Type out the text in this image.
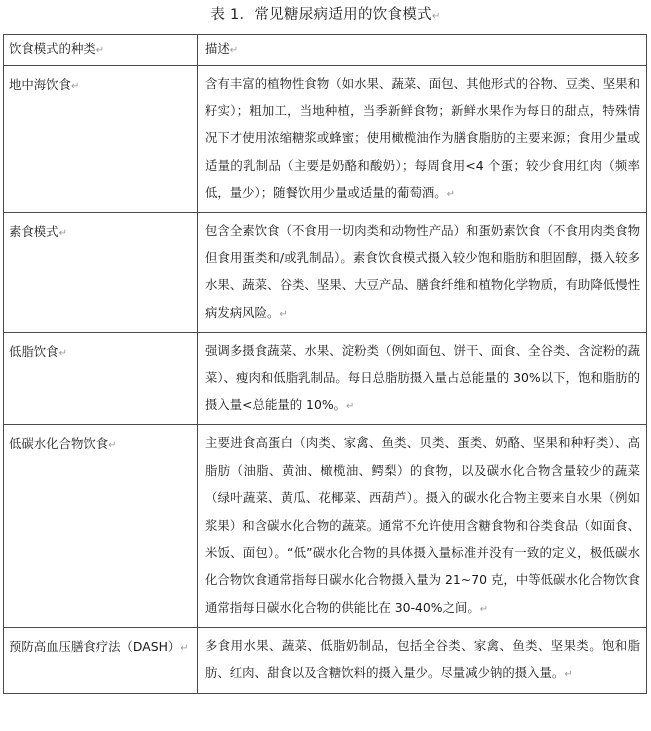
表 1．常见糖尿病适用的饮食模式↵
饮食模式的种类↵	描述↵

地中海饮食↵	含有丰富的植物性食物（如水果、蔬菜、面包、其他形式的谷物、豆类、坚果和籽实）；粗加工，当地种植，当季新鲜食物；新鲜水果作为每日的甜点，特殊情况下才使用浓缩糖浆或蜂蜜；使用橄榄油作为膳食脂肪的主要来源；食用少量或适量的乳制品（主要是奶酪和酸奶）；每周食用<4 个蛋；较少食用红肉（频率低，量少）；随餐饮用少量或适量的葡萄酒。↵

素食模式↵	包含全素饮食（不食用一切肉类和动物性产品）和蛋奶素饮食（不食用肉类食物但食用蛋类和/或乳制品）。素食饮食模式摄入较少饱和脂肪和胆固醇，摄入较多水果、蔬菜、谷类、坚果、大豆产品、膳食纤维和植物化学物质，有助降低慢性病发病风险。↵

低脂饮食↵	强调多摄食蔬菜、水果、淀粉类（例如面包、饼干、面食、全谷类、含淀粉的蔬菜）、瘦肉和低脂乳制品。每日总脂肪摄入量占总能量的 30%以下，饱和脂肪的摄入量<总能量的 10%。↵

低碳水化合物饮食↵	主要进食高蛋白（肉类、家禽、鱼类、贝类、蛋类、奶酪、坚果和种籽类）、高脂肪（油脂、黄油、橄榄油、鳄梨）的食物，以及碳水化合物含量较少的蔬菜（绿叶蔬菜、黄瓜、花椰菜、西葫芦）。摄入的碳水化合物主要来自水果（例如浆果）和含碳水化合物的蔬菜。通常不允许使用含糖食物和谷类食品（如面食、米饭、面包）。“低”碳水化合物的具体摄入量标准并没有一致的定义，极低碳水化合物饮食通常指每日碳水化合物摄入量为 21~70 克，中等低碳水化合物饮食通常指每日碳水化合物的供能比在 30-40%之间。↵

预防高血压膳食疗法（DASH）↵	多食用水果、蔬菜、低脂奶制品，包括全谷类、家禽、鱼类、坚果类。饱和脂肪、红肉、甜食以及含糖饮料的摄入量少。尽量减少钠的摄入量。↵
